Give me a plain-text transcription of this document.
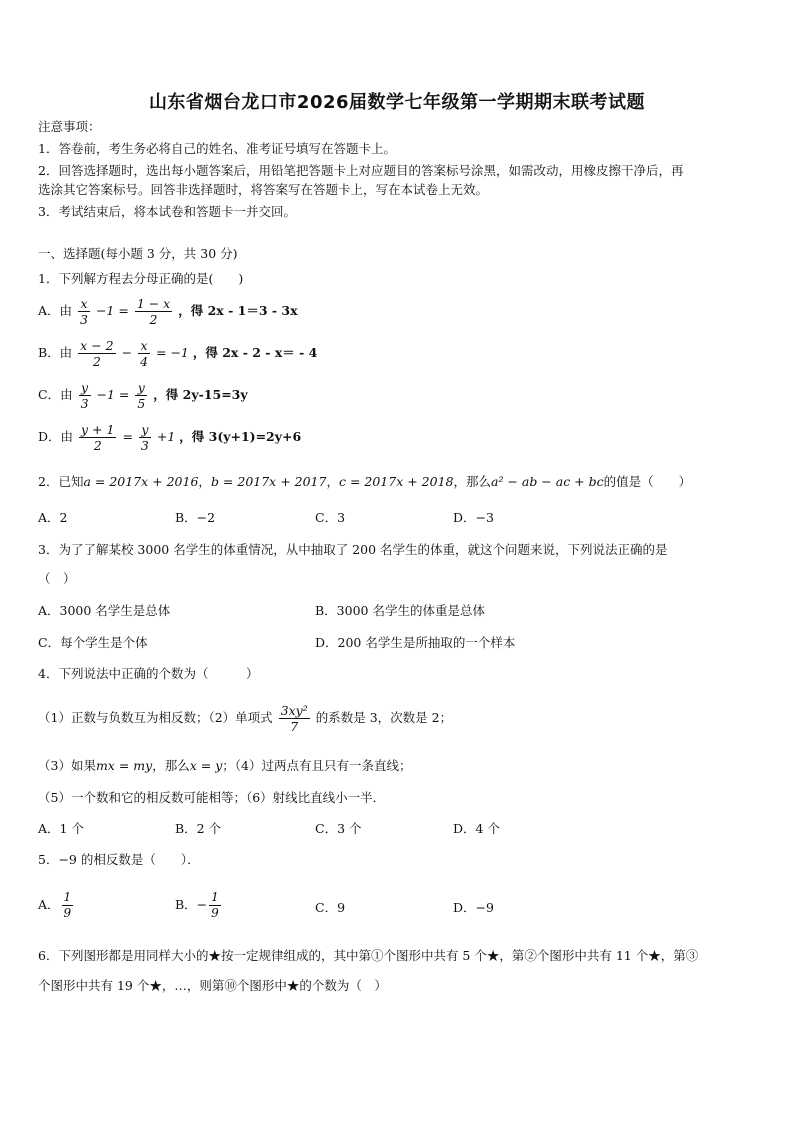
山东省烟台龙口市2026届数学七年级第一学期期末联考试题
注意事项：
1．答卷前，考生务必将自己的姓名、准考证号填写在答题卡上。
2．回答选择题时，选出每小题答案后，用铅笔把答题卡上对应题目的答案标号涂黑，如需改动，用橡皮擦干净后，再
选涂其它答案标号。回答非选择题时，将答案写在答题卡上，写在本试卷上无效。
3．考试结束后，将本试卷和答题卡一并交回。
一、选择题(每小题 3 分，共 30 分)
1．下列解方程去分母正确的是(　　)
A．由 $\frac{x}{3} -1 = \frac{1 - x}{2}$ ，得 2x - 1＝3 - 3x
B．由 $\frac{x - 2}{2} - \frac{x}{4} = -1$ ，得 2x - 2 - x＝ - 4
C．由 $\frac{y}{3} -1 = \frac{y}{5}$ ，得 2y-15=3y
D．由 $\frac{y + 1}{2} = \frac{y}{3} +1$ ，得 3(y+1)=2y+6
2．已知a = 2017x + 2016，b = 2017x + 2017，c = 2017x + 2018，那么a² − ab − ac + bc的值是（　　）
A．2	B．−2	C．3	D．−3
3．为了了解某校 3000 名学生的体重情况，从中抽取了 200 名学生的体重，就这个问题来说，下列说法正确的是
（　）
A．3000 名学生是总体	B．3000 名学生的体重是总体
C．每个学生是个体	D．200 名学生是所抽取的一个样本
4．下列说法中正确的个数为（　　　）
（1）正数与负数互为相反数；（2）单项式 $\frac{\text{3xy²}}{7}$ 的系数是 3，次数是 2；
（3）如果mx = my，那么x = y；（4）过两点有且只有一条直线；
（5）一个数和它的相反数可能相等；（6）射线比直线小一半．
A．1 个	B．2 个	C．3 个	D．4 个
5．−9 的相反数是（　　）．
A． $\frac{1}{9}$	B．− $\frac{1}{9}$	C．9	D．−9
6．下列图形都是用同样大小的★按一定规律组成的，其中第①个图形中共有 5 个★，第②个图形中共有 11 个★，第③
个图形中共有 19 个★，…，则第⑩个图形中★的个数为（　）
